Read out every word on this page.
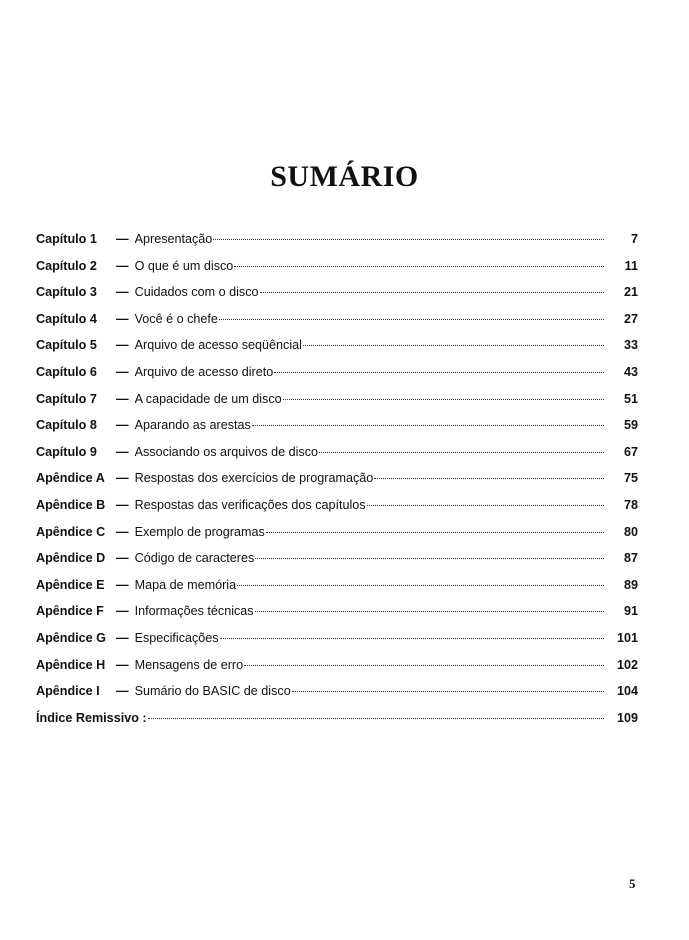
SUMÁRIO
Capítulo 1	— Apresentação	7
Capítulo 2	— O que é um disco	11
Capítulo 3	— Cuidados com o disco	21
Capítulo 4	— Você é o chefe	27
Capítulo 5	— Arquivo de acesso seqüêncial	33
Capítulo 6	— Arquivo de acesso direto	43
Capítulo 7	— A capacidade de um disco	51
Capítulo 8	— Aparando as arestas	59
Capítulo 9	— Associando os arquivos de disco	67
Apêndice A — Respostas dos exercícios de programação	75
Apêndice B — Respostas das verificações dos capítulos	78
Apêndice C — Exemplo de programas	80
Apêndice D — Código de caracteres	87
Apêndice E — Mapa de memória	89
Apêndice F — Informações técnicas	91
Apêndice G — Especificações	101
Apêndice H — Mensagens de erro	102
Apêndice I	— Sumário do BASIC de disco	104
Índice Remissivo :	109
5
